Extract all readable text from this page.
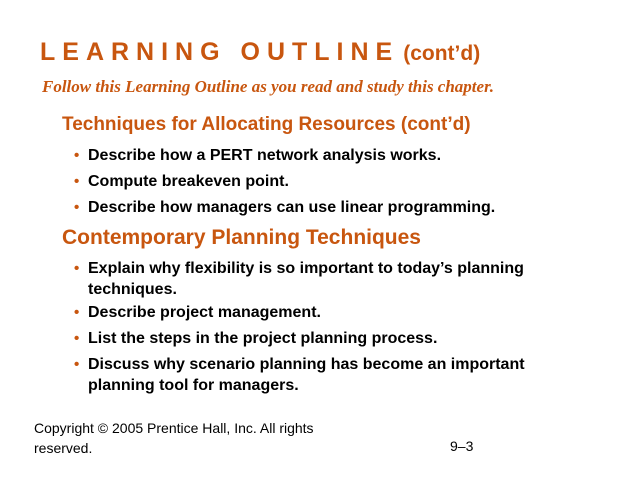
LEARNING OUTLINE (cont’d)
Follow this Learning Outline as you read and study this chapter.
Techniques for Allocating Resources (cont’d)
• Describe how a PERT network analysis works.
• Compute breakeven point.
• Describe how managers can use linear programming.
Contemporary Planning Techniques
• Explain why flexibility is so important to today’s planning techniques.
• Describe project management.
• List the steps in the project planning process.
• Discuss why scenario planning has become an important planning tool for managers.
Copyright © 2005 Prentice Hall, Inc. All rights reserved.	9–3
